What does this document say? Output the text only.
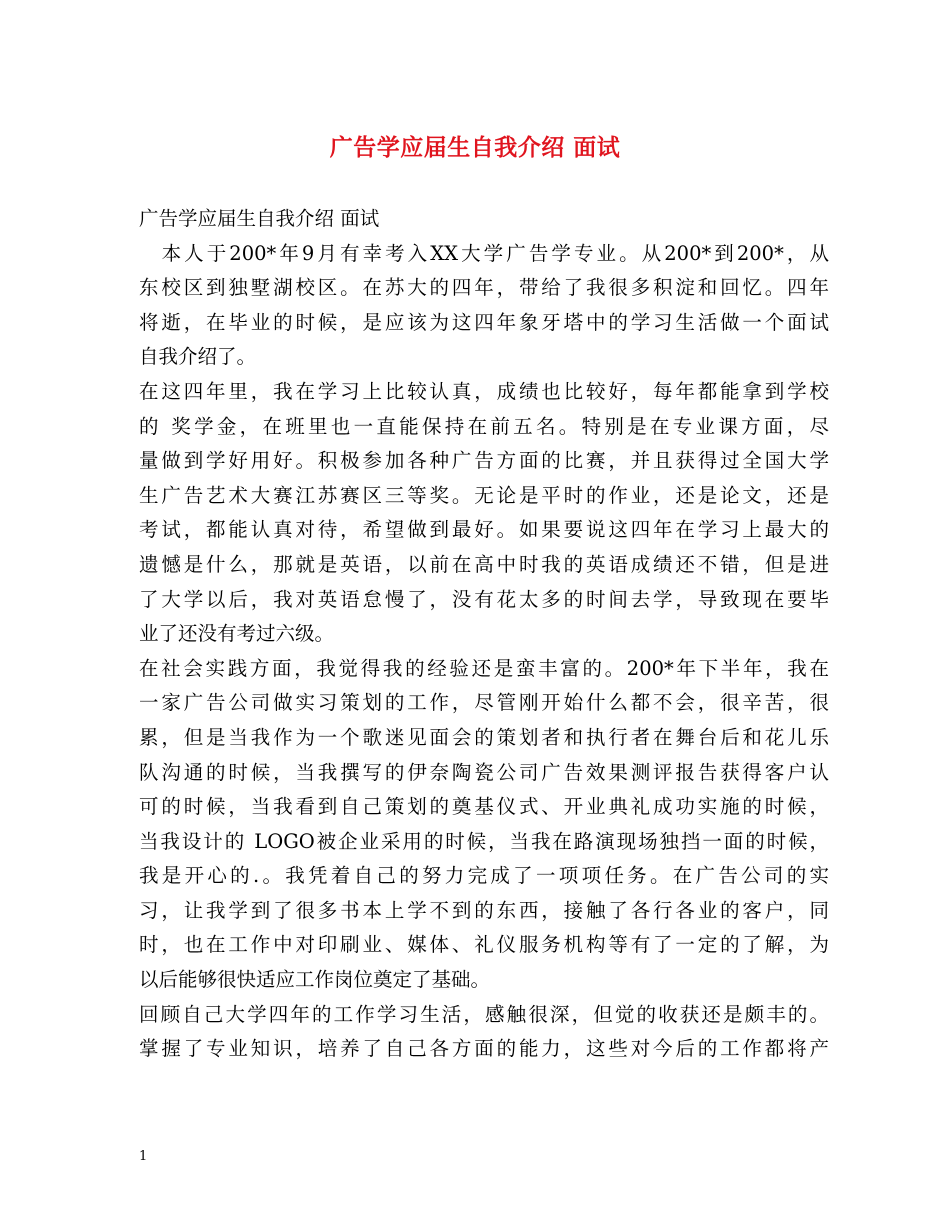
广告学应届生自我介绍 面试
广告学应届生自我介绍 面试
　本人于200*年9月有幸考入XX大学广告学专业。从200*到200*，从
东校区到独墅湖校区。在苏大的四年，带给了我很多积淀和回忆。四年
将逝，在毕业的时候，是应该为这四年象牙塔中的学习生活做一个面试
自我介绍了。
在这四年里，我在学习上比较认真，成绩也比较好，每年都能拿到学校
的 奖学金，在班里也一直能保持在前五名。特别是在专业课方面，尽
量做到学好用好。积极参加各种广告方面的比赛，并且获得过全国大学
生广告艺术大赛江苏赛区三等奖。无论是平时的作业，还是论文，还是
考试，都能认真对待，希望做到最好。如果要说这四年在学习上最大的
遗憾是什么，那就是英语，以前在高中时我的英语成绩还不错，但是进
了大学以后，我对英语怠慢了，没有花太多的时间去学，导致现在要毕
业了还没有考过六级。
在社会实践方面，我觉得我的经验还是蛮丰富的。200*年下半年，我在
一家广告公司做实习策划的工作，尽管刚开始什么都不会，很辛苦，很
累，但是当我作为一个歌迷见面会的策划者和执行者在舞台后和花儿乐
队沟通的时候，当我撰写的伊奈陶瓷公司广告效果测评报告获得客户认
可的时候，当我看到自己策划的奠基仪式、开业典礼成功实施的时候，
当我设计的 LOGO被企业采用的时候，当我在路演现场独挡一面的时候，
我是开心的.。我凭着自己的努力完成了一项项任务。在广告公司的实
习，让我学到了很多书本上学不到的东西，接触了各行各业的客户，同
时，也在工作中对印刷业、媒体、礼仪服务机构等有了一定的了解，为
以后能够很快适应工作岗位奠定了基础。
回顾自己大学四年的工作学习生活，感触很深，但觉的收获还是颇丰的。
掌握了专业知识，培养了自己各方面的能力，这些对今后的工作都将产
1
